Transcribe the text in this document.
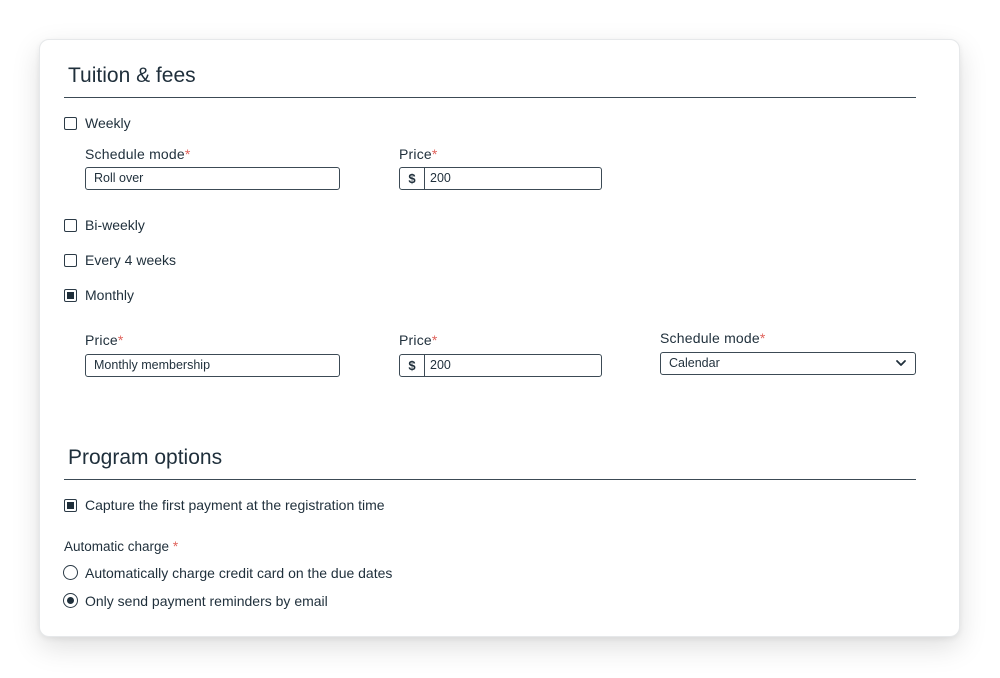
Tuition & fees
Weekly
Schedule mode*
Roll over
Price*
$	200
Bi-weekly
Every 4 weeks
Monthly
Price*
Monthly membership
Price*
$	200
Schedule mode*
Calendar
Program options
Capture the first payment at the registration time
Automatic charge *
Automatically charge credit card on the due dates
Only send payment reminders by email
